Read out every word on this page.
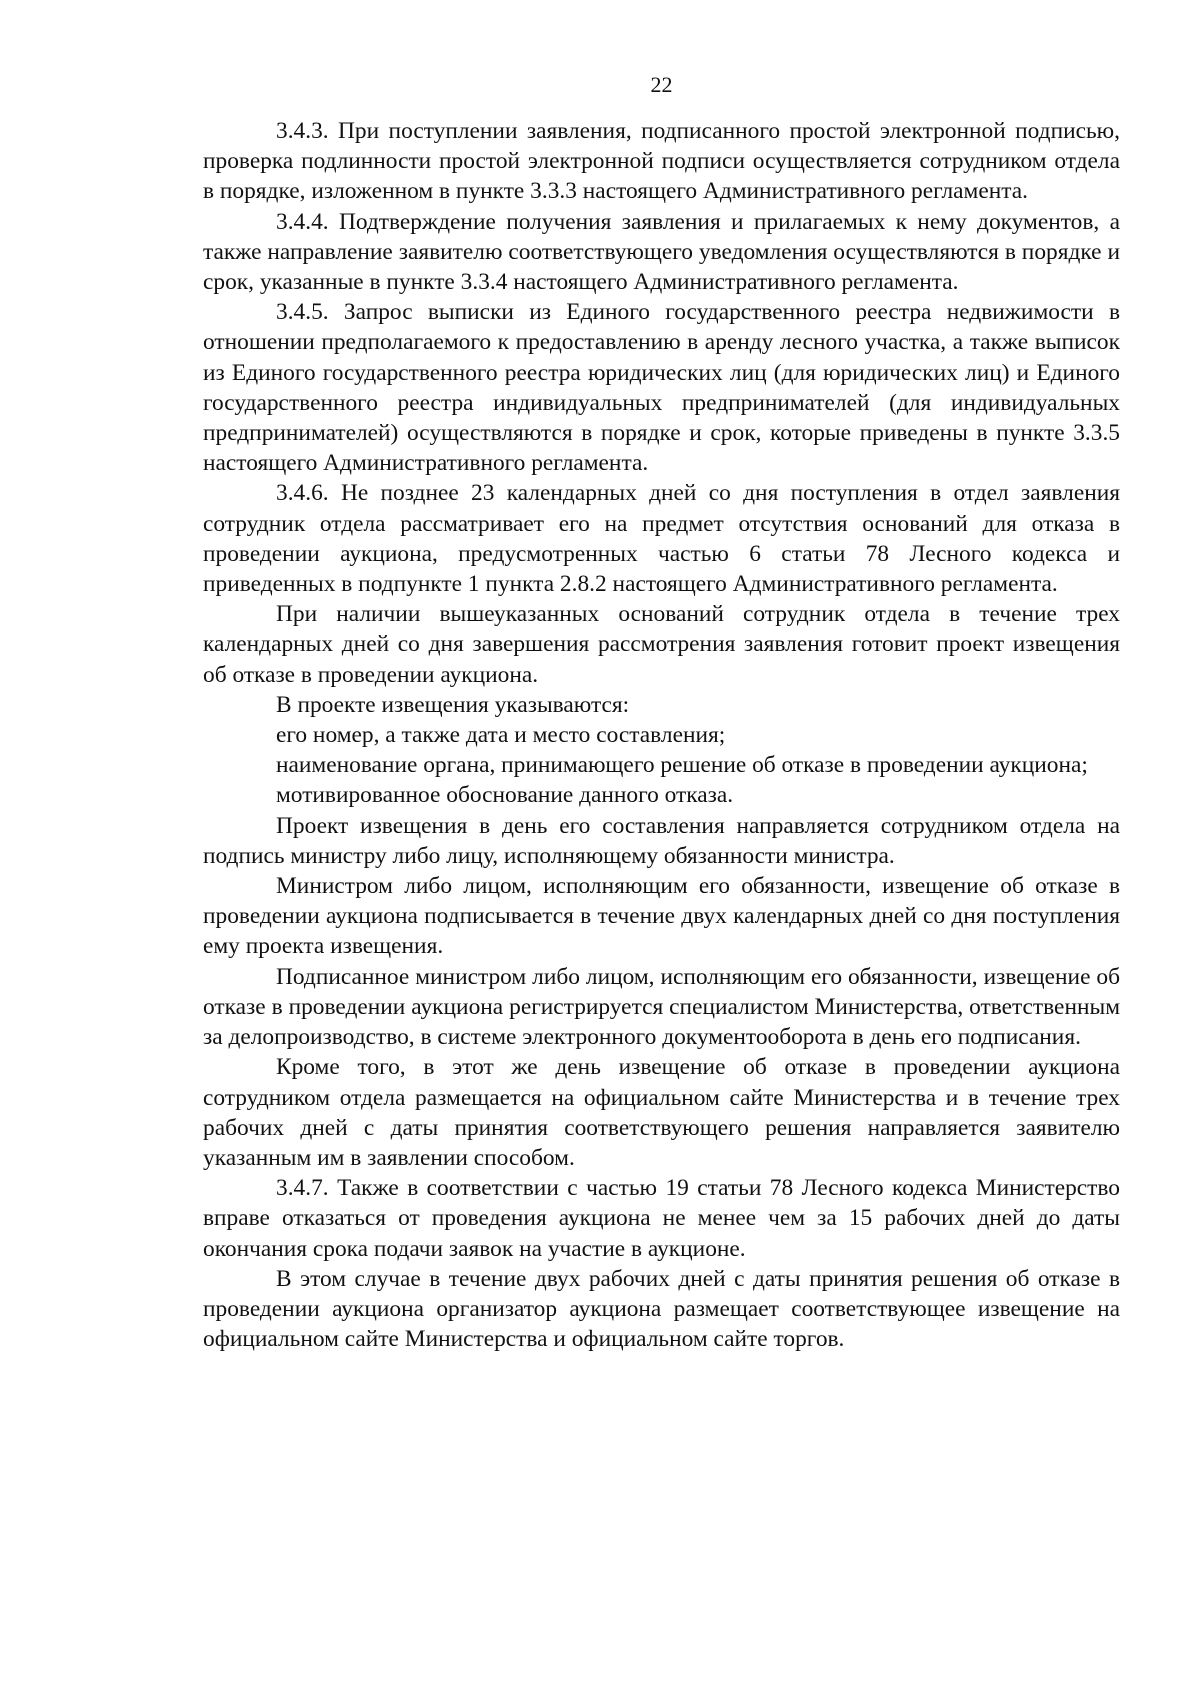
22

3.4.3. При поступлении заявления, подписанного простой электронной подписью, проверка подлинности простой электронной подписи осуществляется сотрудником отдела в порядке, изложенном в пункте 3.3.3 настоящего Административного регламента.

3.4.4. Подтверждение получения заявления и прилагаемых к нему документов, а также направление заявителю соответствующего уведомления осуществляются в порядке и срок, указанные в пункте 3.3.4 настоящего Административного регламента.

3.4.5. Запрос выписки из Единого государственного реестра недвижимости в отношении предполагаемого к предоставлению в аренду лесного участка, а также выписок из Единого государственного реестра юридических лиц (для юридических лиц) и Единого государственного реестра индивидуальных предпринимателей (для индивидуальных предпринимателей) осуществляются в порядке и срок, которые приведены в пункте 3.3.5 настоящего Административного регламента.

3.4.6. Не позднее 23 календарных дней со дня поступления в отдел заявления сотрудник отдела рассматривает его на предмет отсутствия оснований для отказа в проведении аукциона, предусмотренных частью 6 статьи 78 Лесного кодекса и приведенных в подпункте 1 пункта 2.8.2 настоящего Административного регламента.

При наличии вышеуказанных оснований сотрудник отдела в течение трех календарных дней со дня завершения рассмотрения заявления готовит проект извещения об отказе в проведении аукциона.

В проекте извещения указываются:

его номер, а также дата и место составления;

наименование органа, принимающего решение об отказе в проведении аукциона;

мотивированное обоснование данного отказа.

Проект извещения в день его составления направляется сотрудником отдела на подпись министру либо лицу, исполняющему обязанности министра.

Министром либо лицом, исполняющим его обязанности, извещение об отказе в проведении аукциона подписывается в течение двух календарных дней со дня поступления ему проекта извещения.

Подписанное министром либо лицом, исполняющим его обязанности, извещение об отказе в проведении аукциона регистрируется специалистом Министерства, ответственным за делопроизводство, в системе электронного документооборота в день его подписания.

Кроме того, в этот же день извещение об отказе в проведении аукциона сотрудником отдела размещается на официальном сайте Министерства и в течение трех рабочих дней с даты принятия соответствующего решения направляется заявителю указанным им в заявлении способом.

3.4.7. Также в соответствии с частью 19 статьи 78 Лесного кодекса Министерство вправе отказаться от проведения аукциона не менее чем за 15 рабочих дней до даты окончания срока подачи заявок на участие в аукционе.

В этом случае в течение двух рабочих дней с даты принятия решения об отказе в проведении аукциона организатор аукциона размещает соответствующее извещение на официальном сайте Министерства и официальном сайте торгов.
